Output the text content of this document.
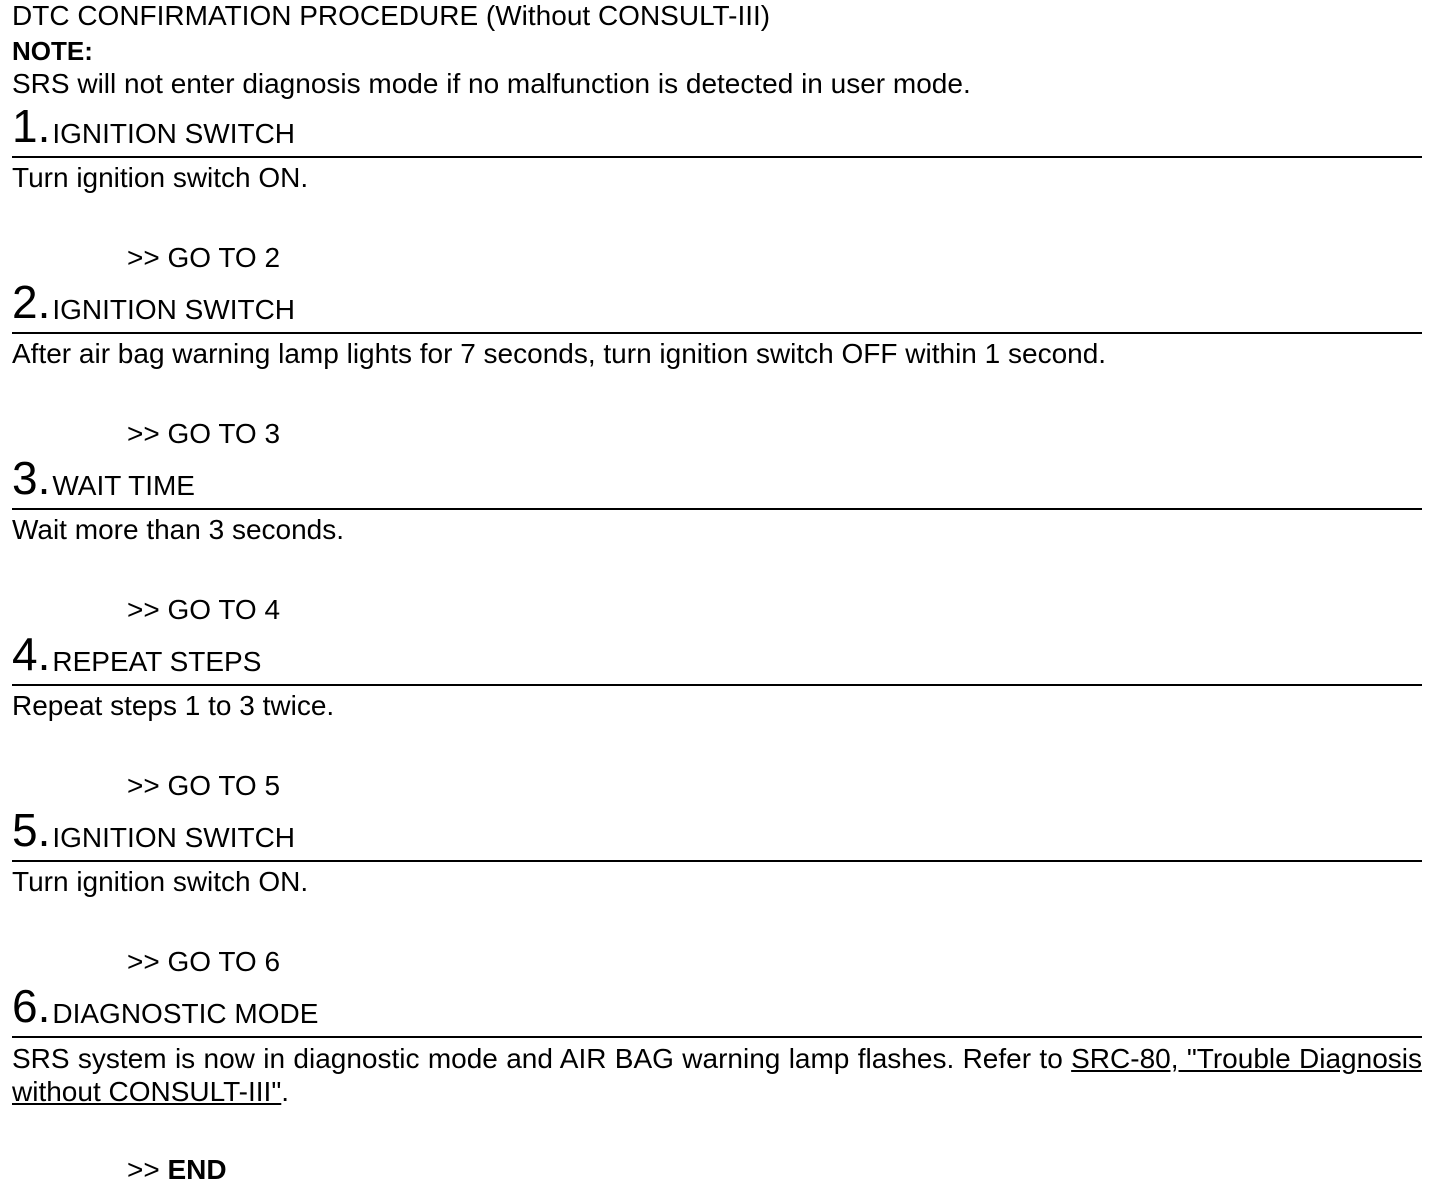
DTC CONFIRMATION PROCEDURE (Without CONSULT-III)
NOTE:
SRS will not enter diagnosis mode if no malfunction is detected in user mode.
1.IGNITION SWITCH
Turn ignition switch ON.
>> GO TO 2
2.IGNITION SWITCH
After air bag warning lamp lights for 7 seconds, turn ignition switch OFF within 1 second.
>> GO TO 3
3.WAIT TIME
Wait more than 3 seconds.
>> GO TO 4
4.REPEAT STEPS
Repeat steps 1 to 3 twice.
>> GO TO 5
5.IGNITION SWITCH
Turn ignition switch ON.
>> GO TO 6
6.DIAGNOSTIC MODE
SRS system is now in diagnostic mode and AIR BAG warning lamp flashes. Refer to SRC-80, "Trouble Diagnosis without CONSULT-III".
>> END
